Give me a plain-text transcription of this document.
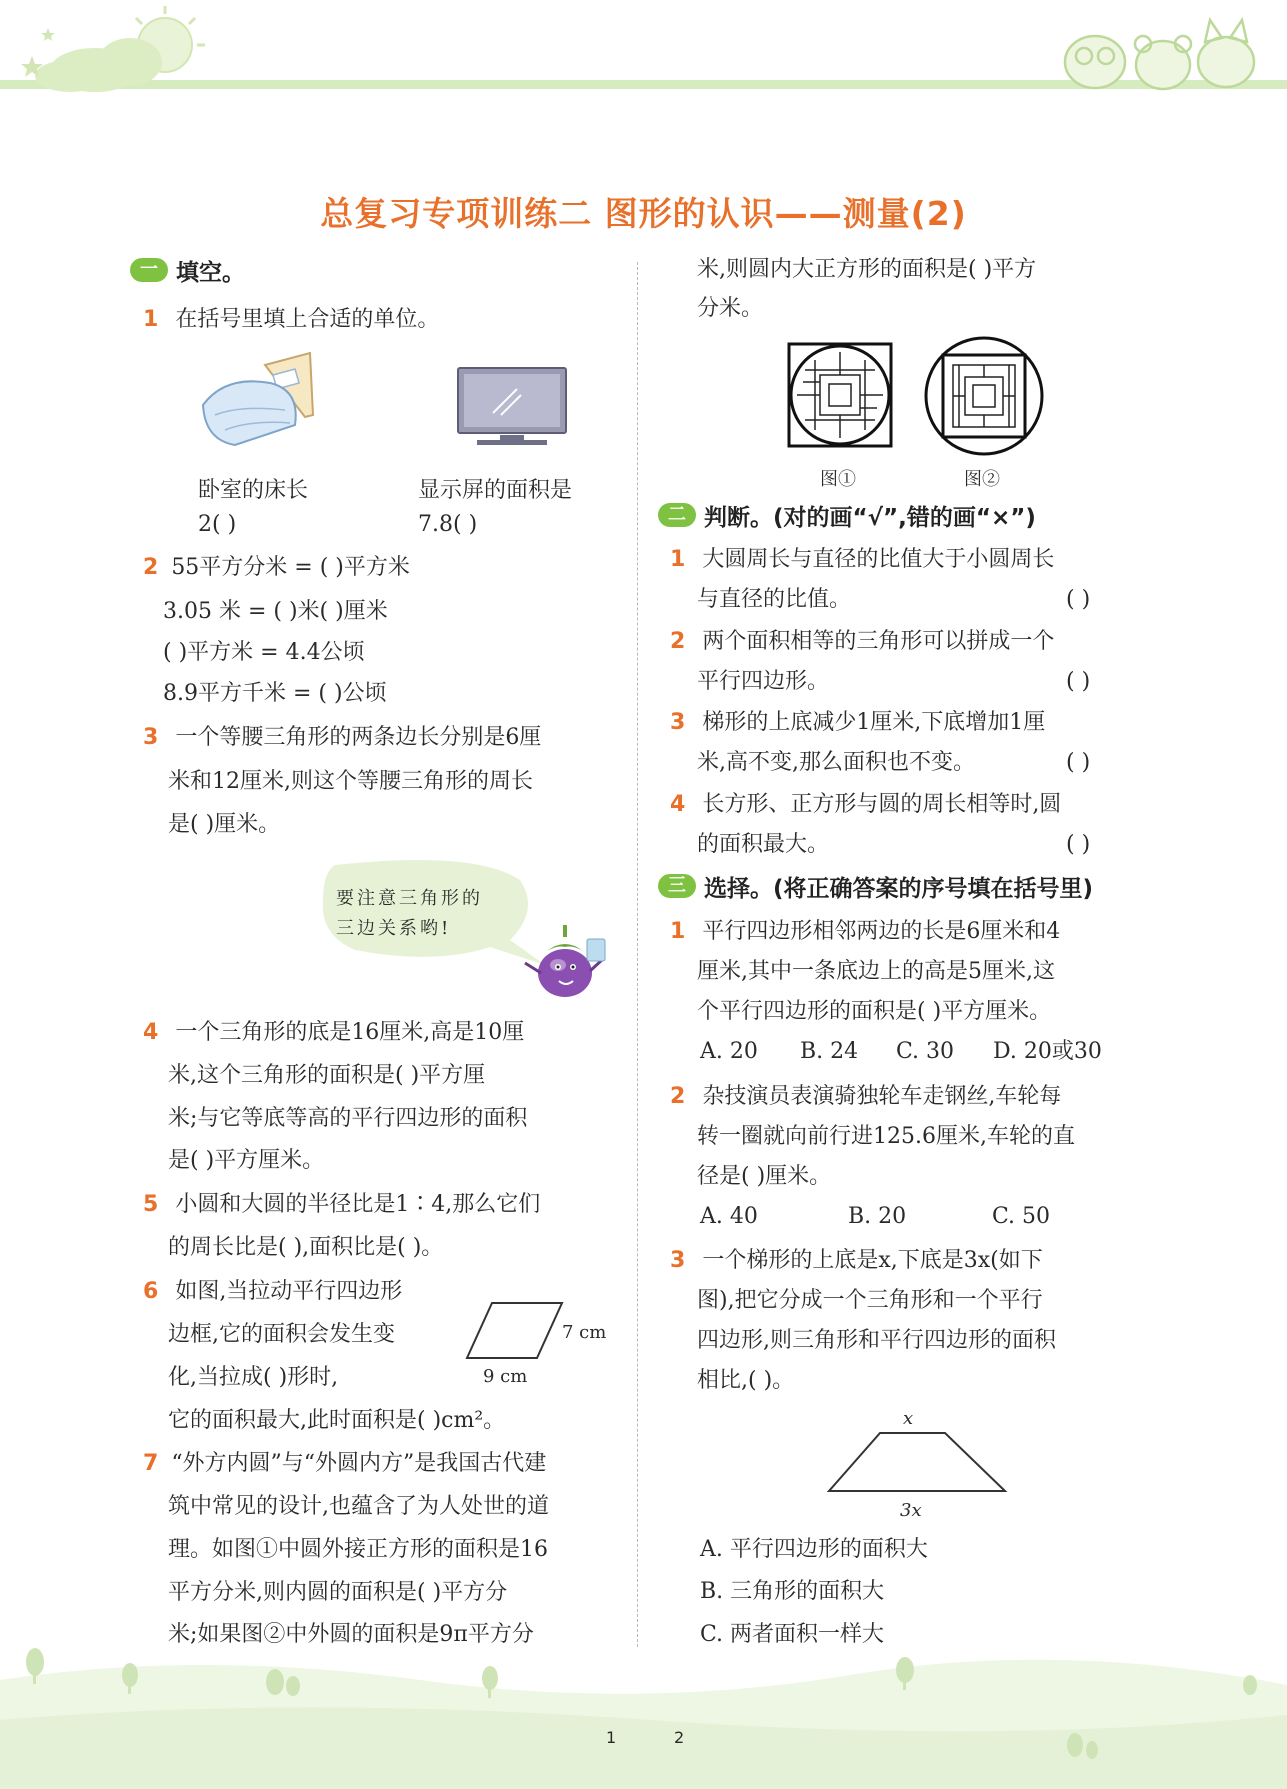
总复习专项训练二 图形的认识——测量(2)
一 填空。
1 在括号里填上合适的单位。
卧室的床长
2( )
显示屏的面积是
7.8( )
2 55平方分米 = ( )平方米
3.05 米 = ( )米( )厘米
( )平方米 = 4.4公顷
8.9平方千米 = ( )公顷
3 一个等腰三角形的两条边长分别是6厘
米和12厘米,则这个等腰三角形的周长
是( )厘米。
要注意三角形的
三边关系哟!
4 一个三角形的底是16厘米,高是10厘
米,这个三角形的面积是( )平方厘
米;与它等底等高的平行四边形的面积
是( )平方厘米。
5 小圆和大圆的半径比是1∶4,那么它们
的周长比是( ),面积比是( )。
6 如图,当拉动平行四边形
边框,它的面积会发生变
化,当拉成( )形时,
它的面积最大,此时面积是( )cm²。
7 cm
9 cm
7 “外方内圆”与“外圆内方”是我国古代建
筑中常见的设计,也蕴含了为人处世的道
理。如图①中圆外接正方形的面积是16
平方分米,则内圆的面积是( )平方分
米;如果图②中外圆的面积是9π平方分
米,则圆内大正方形的面积是( )平方
分米。
图①	图②
二 判断。(对的画“√”,错的画“×”)
1 大圆周长与直径的比值大于小圆周长
与直径的比值。	( )
2 两个面积相等的三角形可以拼成一个
平行四边形。	( )
3 梯形的上底减少1厘米,下底增加1厘
米,高不变,那么面积也不变。	( )
4 长方形、正方形与圆的周长相等时,圆
的面积最大。	( )
三 选择。(将正确答案的序号填在括号里)
1 平行四边形相邻两边的长是6厘米和4
厘米,其中一条底边上的高是5厘米,这
个平行四边形的面积是( )平方厘米。
A. 20 B. 24 C. 30 D. 20或30
2 杂技演员表演骑独轮车走钢丝,车轮每
转一圈就向前行进125.6厘米,车轮的直
径是( )厘米。
A. 40	B. 20	C. 50
3 一个梯形的上底是x,下底是3x(如下
图),把它分成一个三角形和一个平行
四边形,则三角形和平行四边形的面积
相比,( )。
x
3x
A. 平行四边形的面积大
B. 三角形的面积大
C. 两者面积一样大
1	2
